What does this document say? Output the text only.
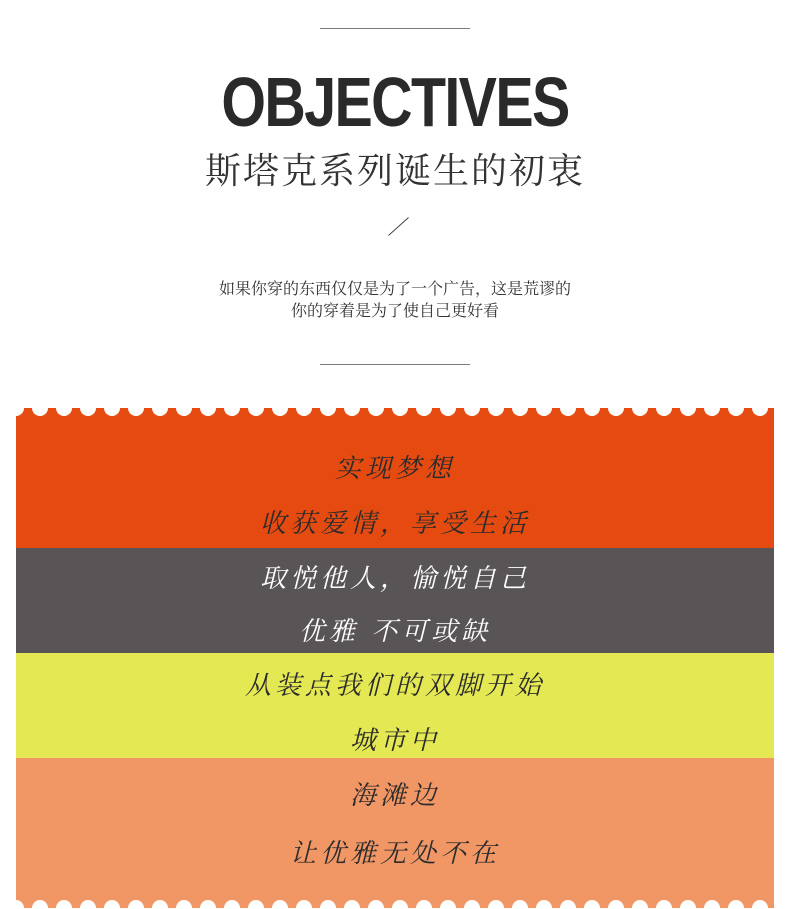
OBJECTIVES
斯塔克系列诞生的初衷
如果你穿的东西仅仅是为了一个广告，这是荒谬的
你的穿着是为了使自己更好看
实现梦想
收获爱情，享受生活
取悦他人，愉悦自己
优雅 不可或缺
从装点我们的双脚开始
城市中
海滩边
让优雅无处不在
